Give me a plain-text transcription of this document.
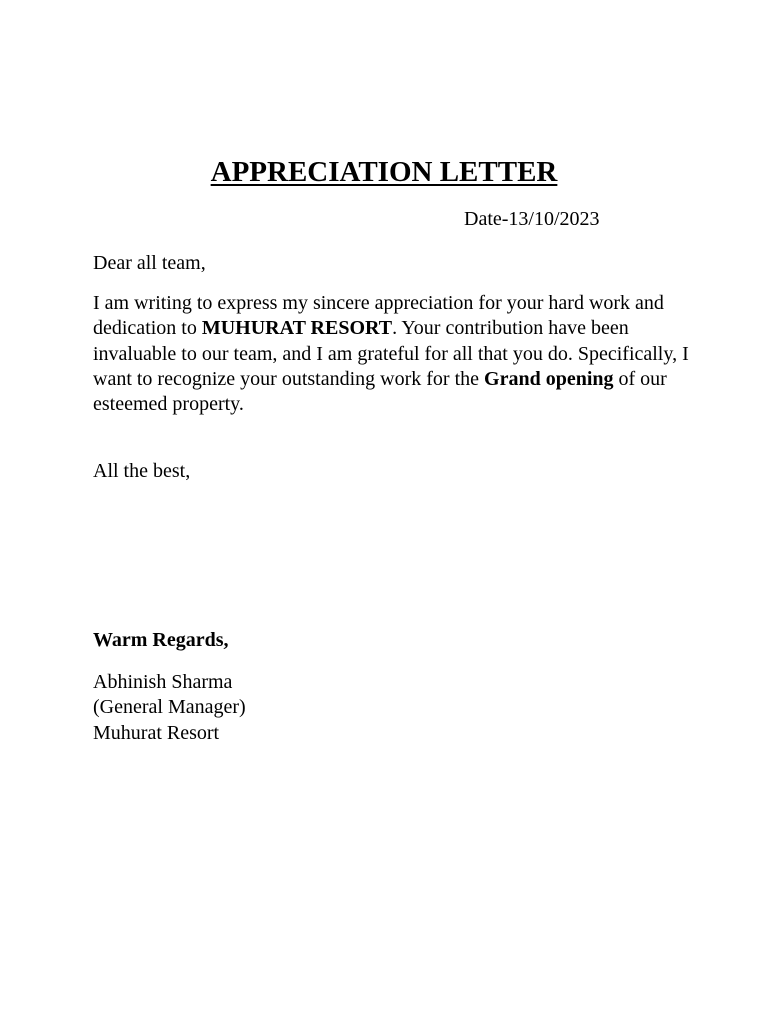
APPRECIATION LETTER
Date-13/10/2023
Dear all team,
I am writing to express my sincere appreciation for your hard work and dedication to MUHURAT RESORT. Your contribution have been invaluable to our team, and I am grateful for all that you do. Specifically, I want to recognize your outstanding work for the Grand opening of our esteemed property.
All the best,
Warm Regards,
Abhinish Sharma
(General Manager)
Muhurat Resort
